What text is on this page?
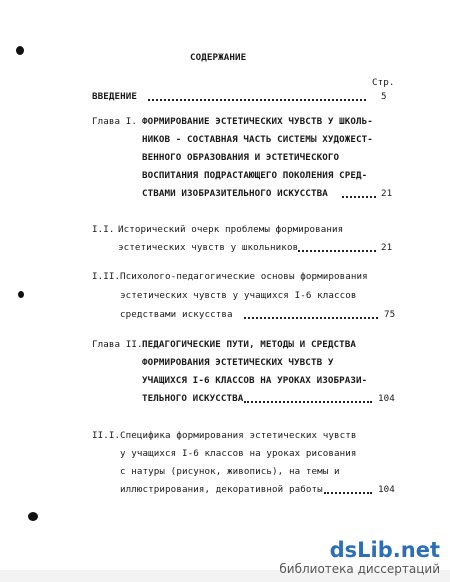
СОДЕРЖАНИЕ
Стр.
ВВЕДЕНИЕ	5
Глава I. ФОРМИРОВАНИЕ ЭСТЕТИЧЕСКИХ ЧУВСТВ У ШКОЛЬ-
НИКОВ - СОСТАВНАЯ ЧАСТЬ СИСТЕМЫ ХУДОЖЕСТ-
ВЕННОГО ОБРАЗОВАНИЯ И ЭСТЕТИЧЕСКОГО
ВОСПИТАНИЯ ПОДРАСТАЮЩЕГО ПОКОЛЕНИЯ СРЕД-
СТВАМИ ИЗОБРАЗИТЕЛЬНОГО ИСКУССТВА	21
I.I. Исторический очерк проблемы формирования
эстетических чувств у школьников	21
I.II. Психолого-педагогические основы формирования
эстетических чувств у учащихся I-6 классов
средствами искусства	75
Глава II. ПЕДАГОГИЧЕСКИЕ ПУТИ, МЕТОДЫ И СРЕДСТВА
ФОРМИРОВАНИЯ ЭСТЕТИЧЕСКИХ ЧУВСТВ У
УЧАЩИХСЯ I-6 КЛАССОВ НА УРОКАХ ИЗОБРАЗИ-
ТЕЛЬНОГО ИСКУССТВА	104
II.I. Специфика формирования эстетических чувств
у учащихся I-6 классов на уроках рисования
с натуры (рисунок, живопись), на темы и
иллюстрирования, декоративной работы	104
dsLib.net
библиотека диссертаций
